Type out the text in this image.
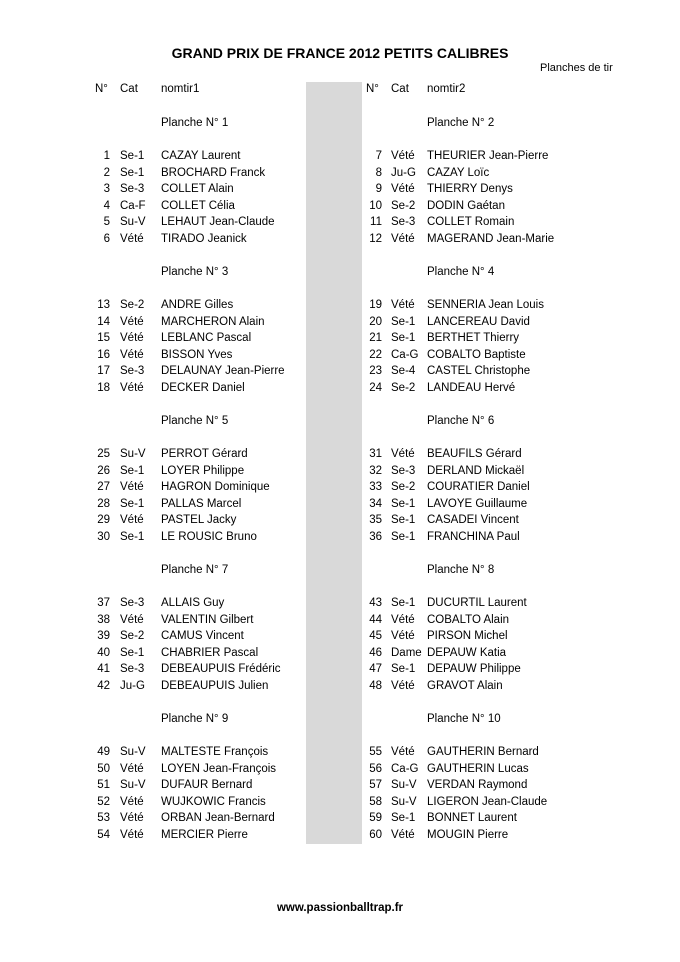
GRAND PRIX DE FRANCE 2012 PETITS CALIBRES
Planches de tir
N° Cat nomtir1	N° Cat nomtir2
Planche N° 1
1 Se-1 CAZAY Laurent
2 Se-1 BROCHARD Franck
3 Se-3 COLLET Alain
4 Ca-F COLLET Célia
5 Su-V LEHAUT Jean-Claude
6 Vété TIRADO Jeanick
Planche N° 2
7 Vété THEURIER Jean-Pierre
8 Ju-G CAZAY Loïc
9 Vété THIERRY Denys
10 Se-2 DODIN Gaétan
11 Se-3 COLLET Romain
12 Vété MAGERAND Jean-Marie
Planche N° 3
13 Se-2 ANDRE Gilles
14 Vété MARCHERON Alain
15 Vété LEBLANC Pascal
16 Vété BISSON Yves
17 Se-3 DELAUNAY Jean-Pierre
18 Vété DECKER Daniel
Planche N° 4
19 Vété SENNERIA Jean Louis
20 Se-1 LANCEREAU David
21 Se-1 BERTHET Thierry
22 Ca-G COBALTO Baptiste
23 Se-4 CASTEL Christophe
24 Se-2 LANDEAU Hervé
Planche N° 5
25 Su-V PERROT Gérard
26 Se-1 LOYER Philippe
27 Vété HAGRON Dominique
28 Se-1 PALLAS Marcel
29 Vété PASTEL Jacky
30 Se-1 LE ROUSIC Bruno
Planche N° 6
31 Vété BEAUFILS Gérard
32 Se-3 DERLAND Mickaël
33 Se-2 COURATIER Daniel
34 Se-1 LAVOYE Guillaume
35 Se-1 CASADEI Vincent
36 Se-1 FRANCHINA Paul
Planche N° 7
37 Se-3 ALLAIS Guy
38 Vété VALENTIN Gilbert
39 Se-2 CAMUS Vincent
40 Se-1 CHABRIER Pascal
41 Se-3 DEBEAUPUIS Frédéric
42 Ju-G DEBEAUPUIS Julien
Planche N° 8
43 Se-1 DUCURTIL Laurent
44 Vété COBALTO Alain
45 Vété PIRSON Michel
46 Dame DEPAUW Katia
47 Se-1 DEPAUW Philippe
48 Vété GRAVOT Alain
Planche N° 9
49 Su-V MALTESTE François
50 Vété LOYEN Jean-François
51 Su-V DUFAUR Bernard
52 Vété WUJKOWIC Francis
53 Vété ORBAN Jean-Bernard
54 Vété MERCIER Pierre
Planche N° 10
55 Vété GAUTHERIN Bernard
56 Ca-G GAUTHERIN Lucas
57 Su-V VERDAN Raymond
58 Su-V LIGERON Jean-Claude
59 Se-1 BONNET Laurent
60 Vété MOUGIN Pierre
www.passionballtrap.fr
